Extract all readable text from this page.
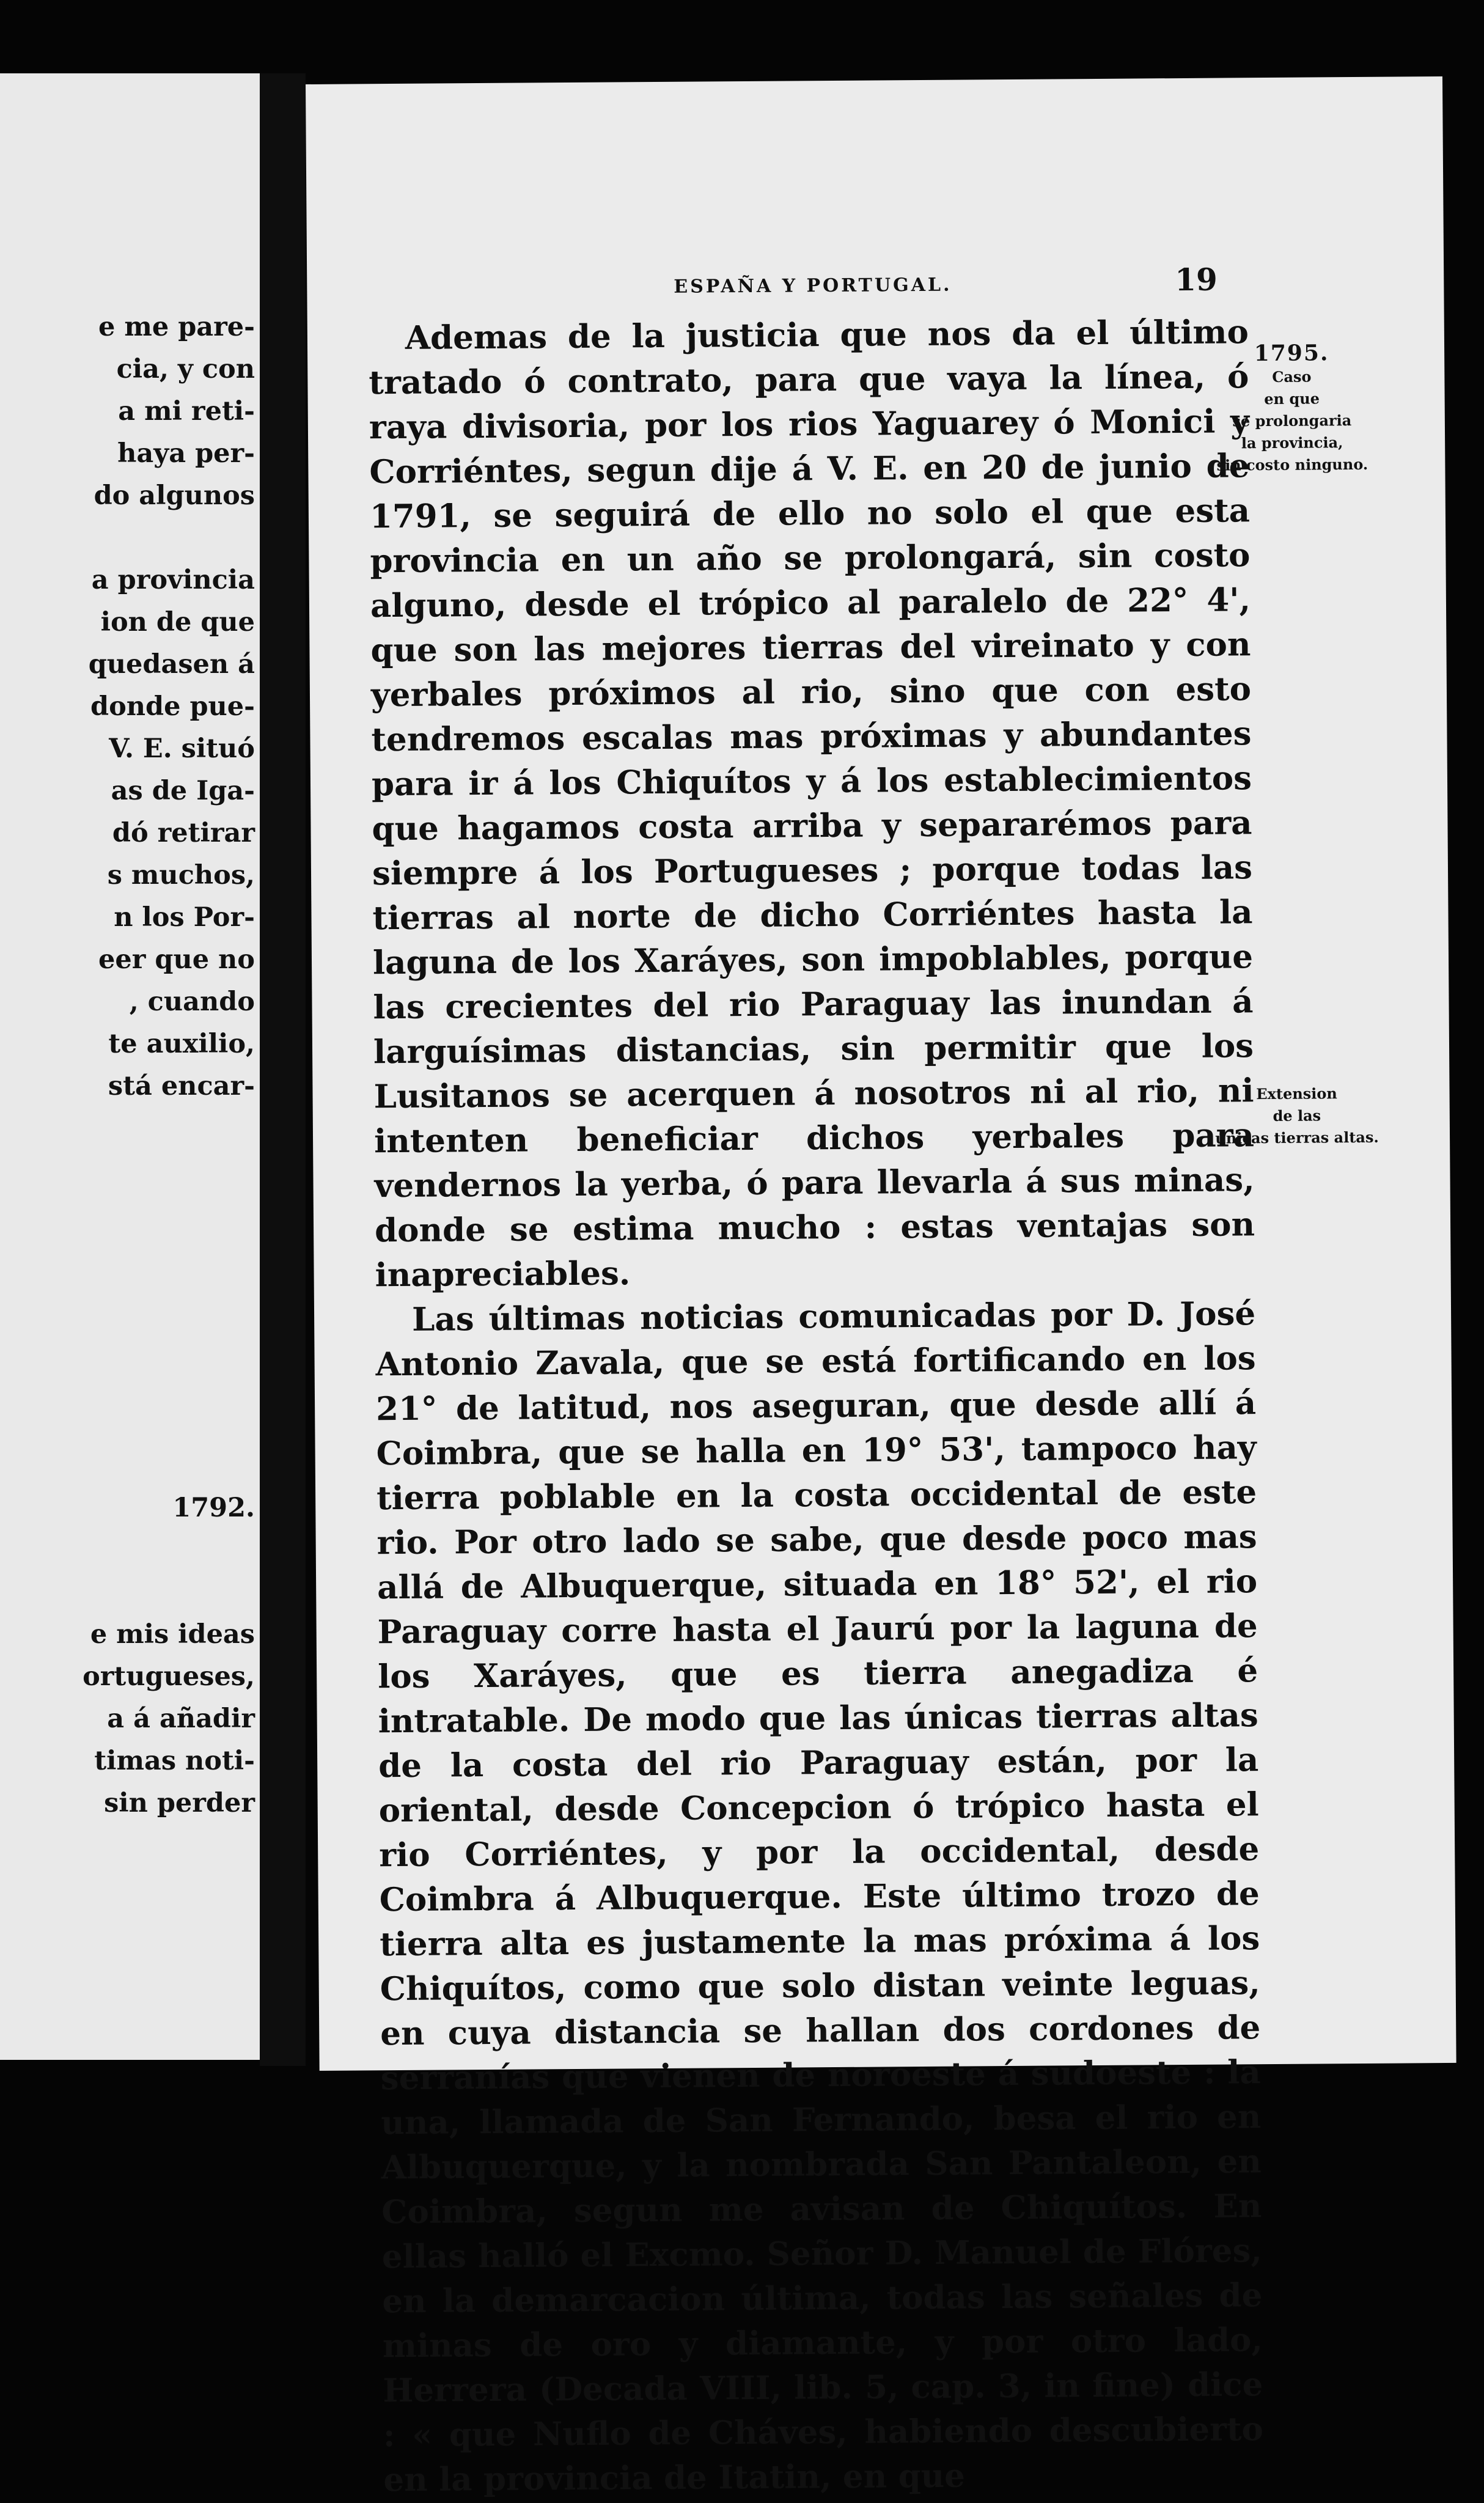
e me pare-
cia, y con
a mi reti-
haya per-
do algunos
a provincia
ion de que
quedasen á
donde pue-
V. E. situó
as de Iga-
dó retirar
s muchos,
n los Por-
eer que no
, cuando
te auxilio,
stá encar-
1792.
e mis ideas
ortugueses,
a á añadir
timas noti-
sin perder
ESPAÑA Y PORTUGAL.	19

Ademas de la justicia que nos da el último tratado ó contrato, para que vaya la línea, ó raya divisoria, por los rios Yaguarey ó Monici y Corriéntes, segun dije á V. E. en 20 de junio de 1791, se seguirá de ello no solo el que esta provincia en un año se prolongará, sin costo alguno, desde el trópico al paralelo de 22° 4', que son las mejores tierras del vireinato y con yerbales próximos al rio, sino que con esto tendremos escalas mas próximas y abundantes para ir á los Chiquítos y á los establecimientos que hagamos costa arriba y separarémos para siempre á los Portugueses ; porque todas las tierras al norte de dicho Corriéntes hasta la laguna de los Xaráyes, son impoblables, porque las crecientes del rio Paraguay las inundan á larguísimas distancias, sin permitir que los Lusitanos se acerquen á nosotros ni al rio, ni intenten beneficiar dichos yerbales para vendernos la yerba, ó para llevarla á sus minas, donde se estima mucho : estas ventajas son inapreciables.

Las últimas noticias comunicadas por D. José Antonio Zavala, que se está fortificando en los 21° de latitud, nos aseguran, que desde allí á Coimbra, que se halla en 19° 53', tampoco hay tierra poblable en la costa occidental de este rio. Por otro lado se sabe, que desde poco mas allá de Albuquerque, situada en 18° 52', el rio Paraguay corre hasta el Jaurú por la laguna de los Xaráyes, que es tierra anegadiza é intratable. De modo que las únicas tierras altas de la costa del rio Paraguay están, por la oriental, desde Concepcion ó trópico hasta el rio Corriéntes, y por la occidental, desde Coimbra á Albuquerque. Este último trozo de tierra alta es justamente la mas próxima á los Chiquítos, como que solo distan veinte leguas, en cuya distancia se hallan dos cordones de serranías que vienen de noroeste á sudoeste : la una, llamada de San Fernando, besa el rio en Albuquerque, y la nombrada San Pantaleon, en Coimbra, segun me avisan de Chiquítos. En ellas halló el Excmo. Señor D. Manuel de Flóres, en la demarcacion última, todas las señales de minas de oro y diamante, y por otro lado, Herrera (Decada VIII, lib. 5, cap. 3, in fine) dice : « que Nuflo de Cháves, habiendo descubierto en la provincia de Itatin, en que

1795.
Caso
en que
se prolongaria
la provincia,
sin costo ninguno.
Extension
de las
únicas tierras altas.
